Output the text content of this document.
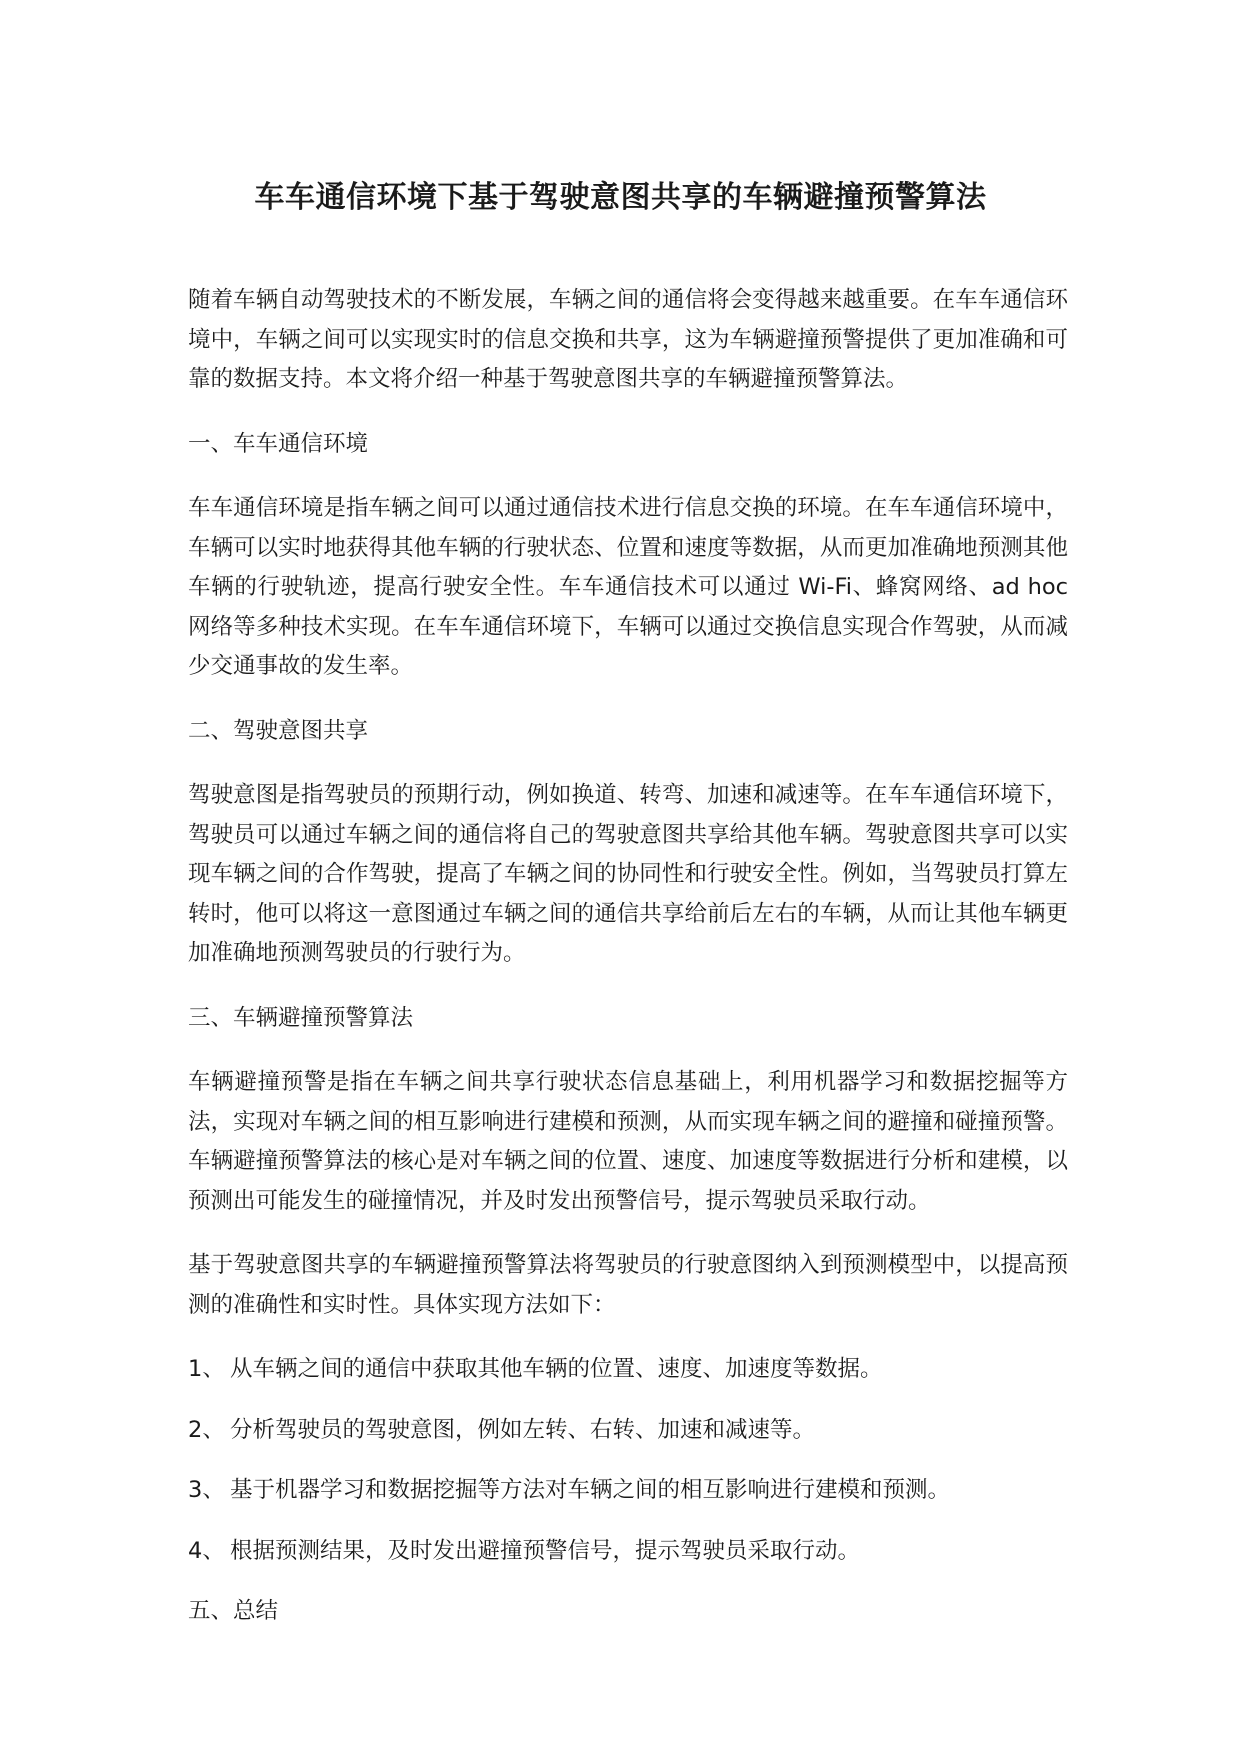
车车通信环境下基于驾驶意图共享的车辆避撞预警算法

随着车辆自动驾驶技术的不断发展，车辆之间的通信将会变得越来越重要。在车车通信环境中，车辆之间可以实现实时的信息交换和共享，这为车辆避撞预警提供了更加准确和可靠的数据支持。本文将介绍一种基于驾驶意图共享的车辆避撞预警算法。

一、车车通信环境

车车通信环境是指车辆之间可以通过通信技术进行信息交换的环境。在车车通信环境中，车辆可以实时地获得其他车辆的行驶状态、位置和速度等数据，从而更加准确地预测其他车辆的行驶轨迹，提高行驶安全性。车车通信技术可以通过 Wi-Fi、蜂窝网络、ad hoc 网络等多种技术实现。在车车通信环境下，车辆可以通过交换信息实现合作驾驶，从而减少交通事故的发生率。

二、驾驶意图共享

驾驶意图是指驾驶员的预期行动，例如换道、转弯、加速和减速等。在车车通信环境下，驾驶员可以通过车辆之间的通信将自己的驾驶意图共享给其他车辆。驾驶意图共享可以实现车辆之间的合作驾驶，提高了车辆之间的协同性和行驶安全性。例如，当驾驶员打算左转时，他可以将这一意图通过车辆之间的通信共享给前后左右的车辆，从而让其他车辆更加准确地预测驾驶员的行驶行为。

三、车辆避撞预警算法

车辆避撞预警是指在车辆之间共享行驶状态信息基础上，利用机器学习和数据挖掘等方法，实现对车辆之间的相互影响进行建模和预测，从而实现车辆之间的避撞和碰撞预警。车辆避撞预警算法的核心是对车辆之间的位置、速度、加速度等数据进行分析和建模，以预测出可能发生的碰撞情况，并及时发出预警信号，提示驾驶员采取行动。

基于驾驶意图共享的车辆避撞预警算法将驾驶员的行驶意图纳入到预测模型中，以提高预测的准确性和实时性。具体实现方法如下：

1、 从车辆之间的通信中获取其他车辆的位置、速度、加速度等数据。
2、 分析驾驶员的驾驶意图，例如左转、右转、加速和减速等。
3、 基于机器学习和数据挖掘等方法对车辆之间的相互影响进行建模和预测。
4、 根据预测结果，及时发出避撞预警信号，提示驾驶员采取行动。

五、总结
